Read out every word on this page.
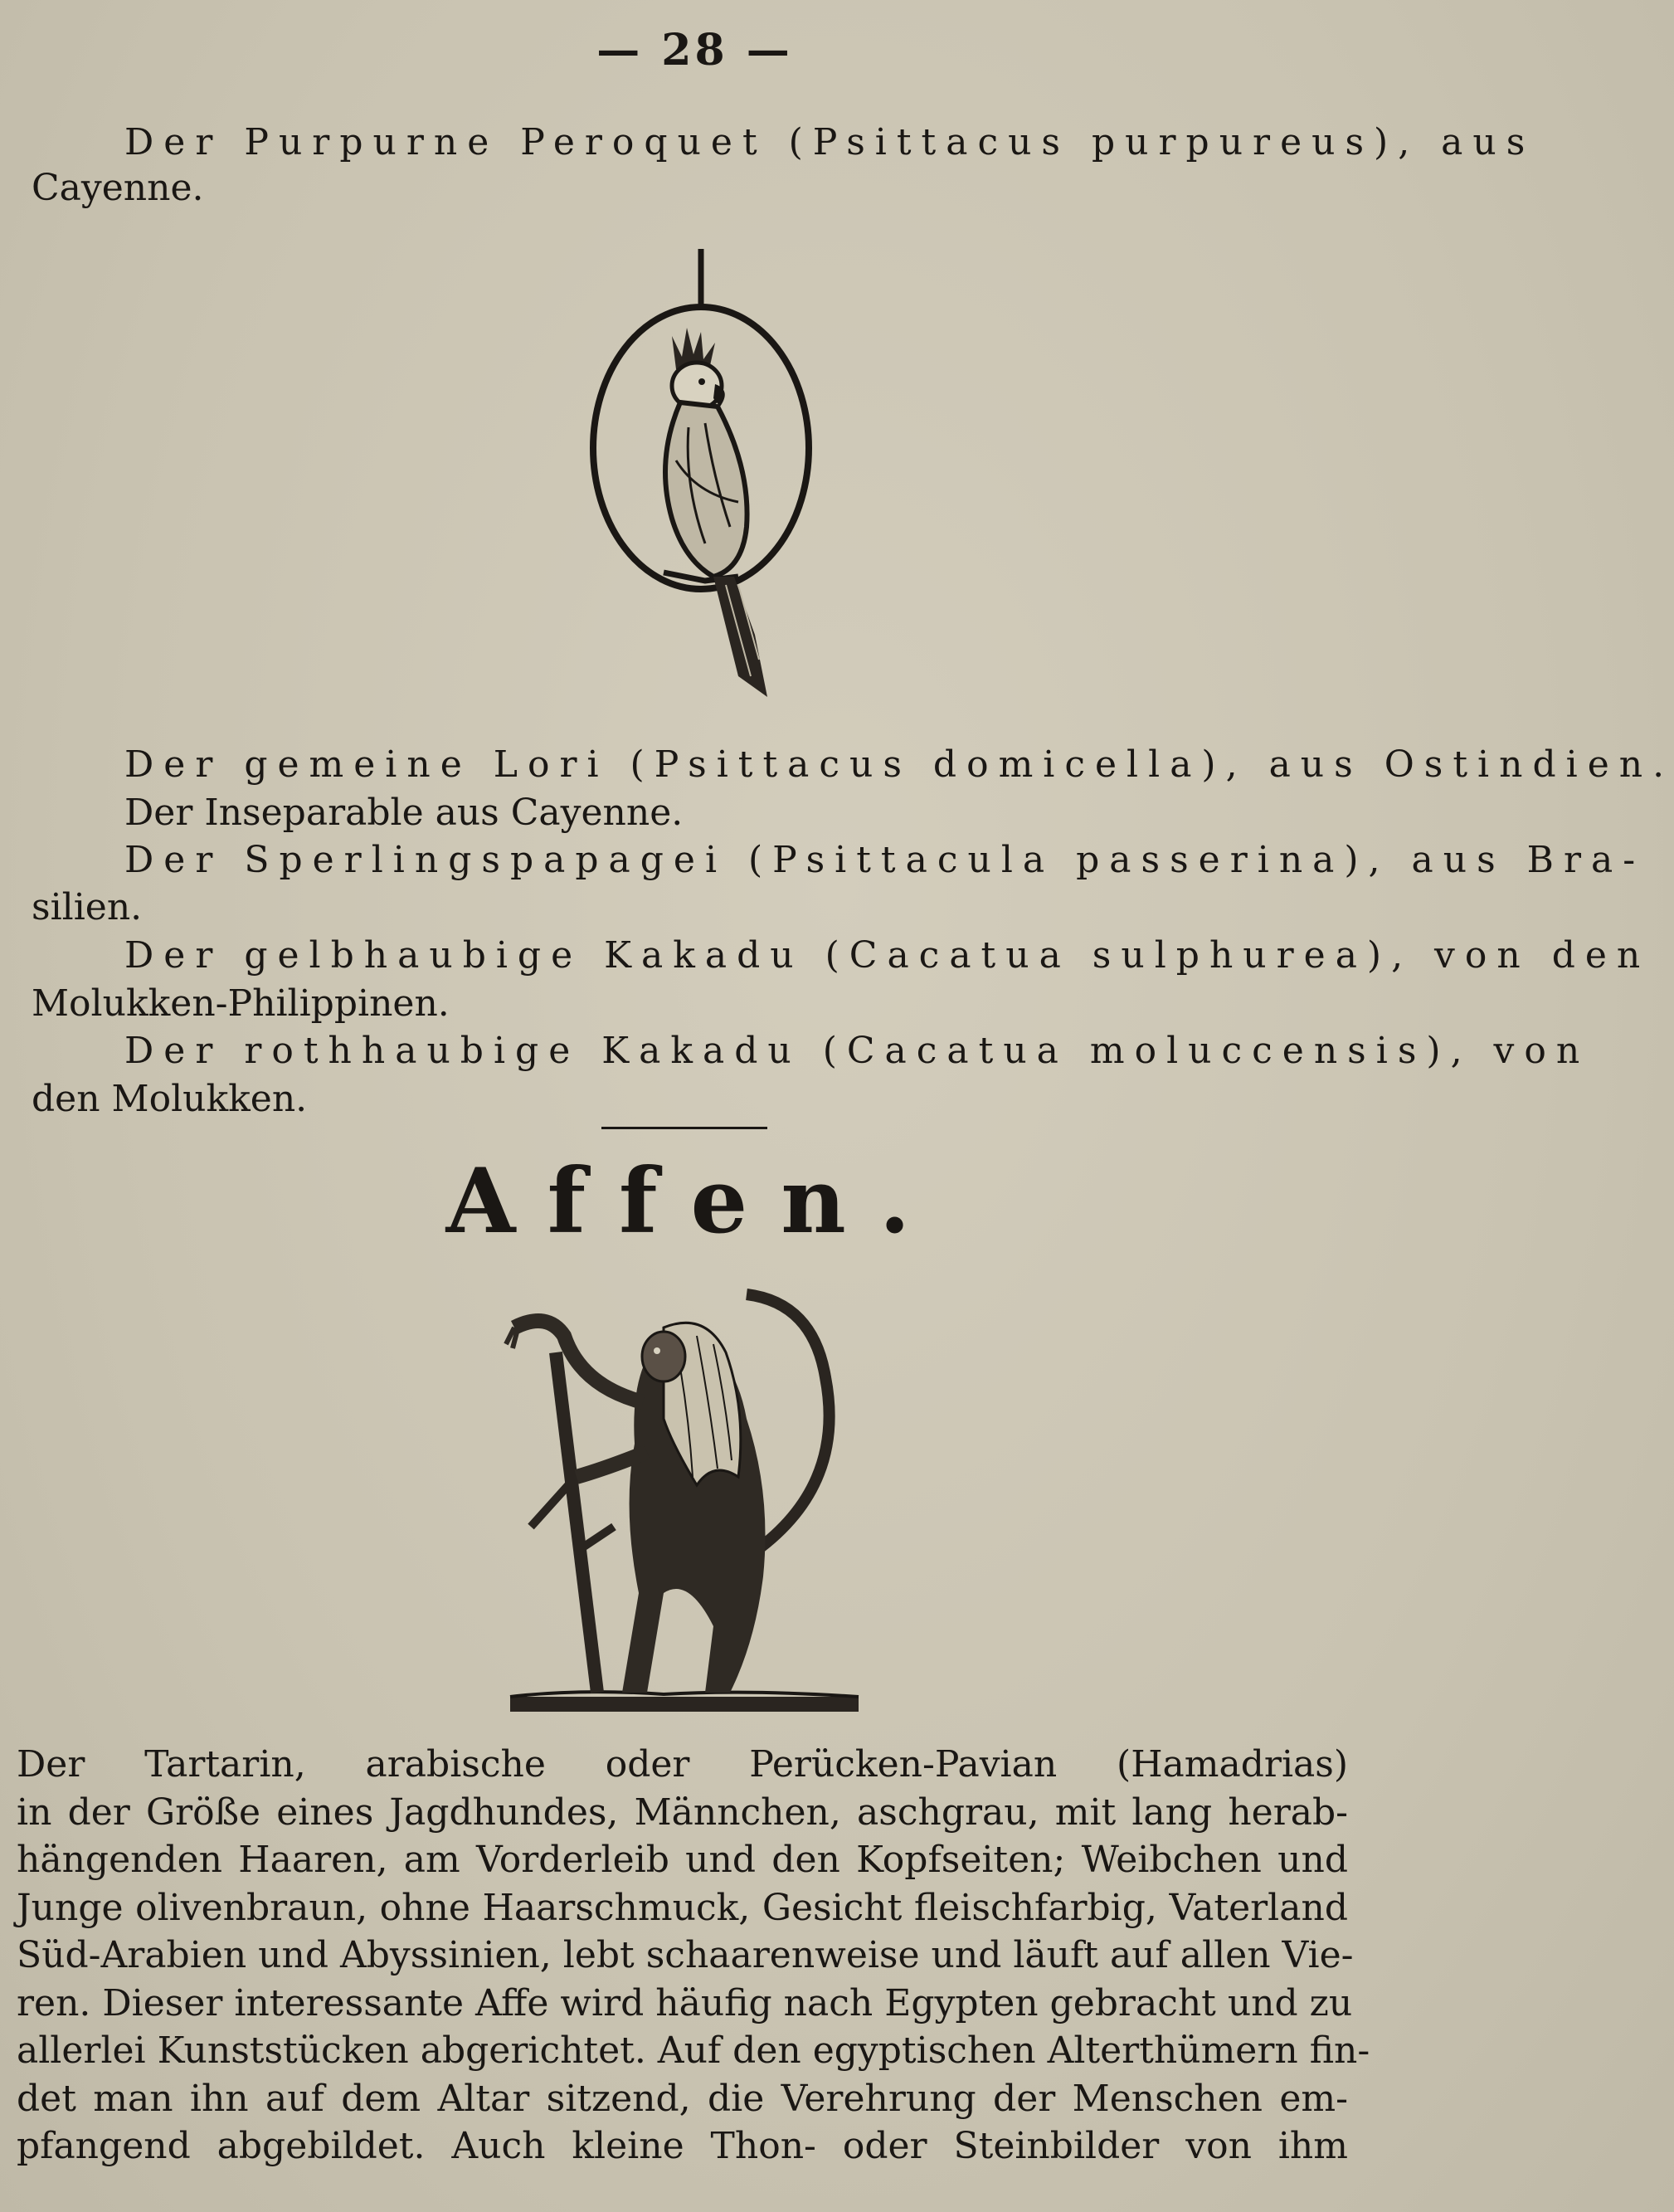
— 28 —
Der Purpurne Peroquet (Psittacus purpureus), aus
Cayenne.
Der gemeine Lori (Psittacus domicella), aus Ostindien.
Der Inseparable aus Cayenne.
Der Sperlingspapagei (Psittacula passerina), aus Bra-
silien.
Der gelbhaubige Kakadu (Cacatua sulphurea), von den
Molukken-Philippinen.
Der rothhaubige Kakadu (Cacatua moluccensis), von
den Molukken.
Affen.
Der Tartarin, arabische oder Perücken-Pavian (Hamadrias)
in der Größe eines Jagdhundes, Männchen, aschgrau, mit lang herab-
hängenden Haaren, am Vorderleib und den Kopfseiten; Weibchen und
Junge olivenbraun, ohne Haarschmuck, Gesicht fleischfarbig, Vaterland
Süd-Arabien und Abyssinien, lebt schaarenweise und läuft auf allen Vie-
ren. Dieser interessante Affe wird häufig nach Egypten gebracht und zu
allerlei Kunststücken abgerichtet. Auf den egyptischen Alterthümern fin-
det man ihn auf dem Altar sitzend, die Verehrung der Menschen em-
pfangend abgebildet. Auch kleine Thon- oder Steinbilder von ihm
